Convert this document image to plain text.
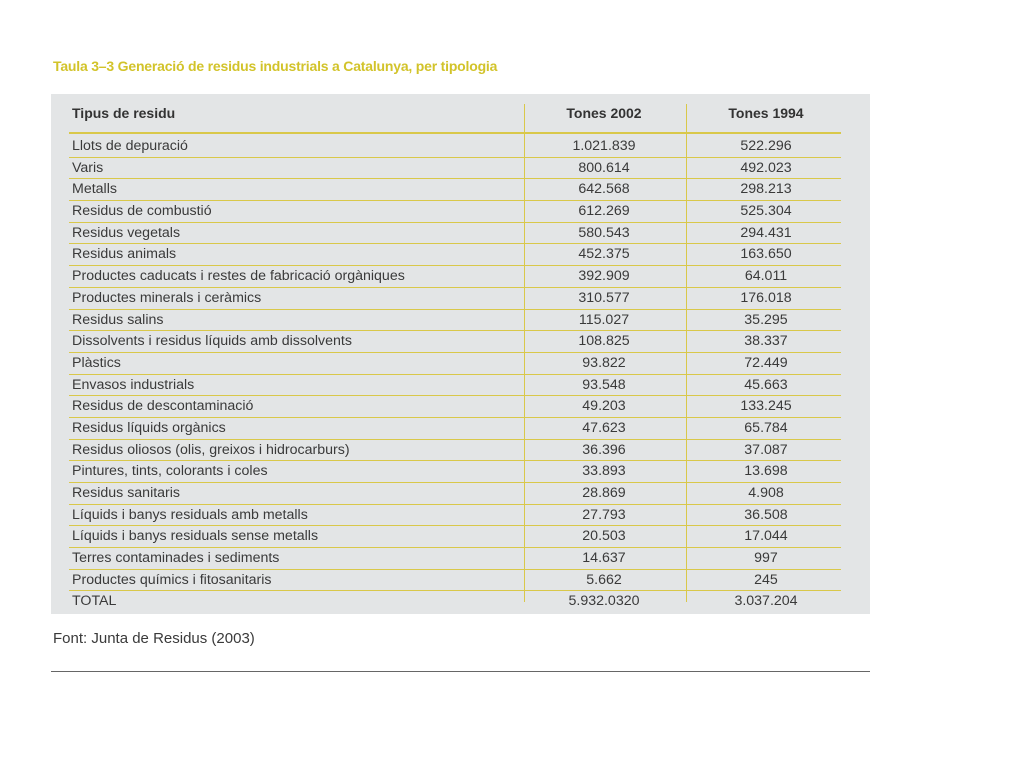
Taula 3–3 Generació de residus industrials a Catalunya, per tipologia
Tipus de residu	Tones 2002	Tones 1994
Llots de depuració	1.021.839	522.296
Varis	800.614	492.023
Metalls	642.568	298.213
Residus de combustió	612.269	525.304
Residus vegetals	580.543	294.431
Residus animals	452.375	163.650
Productes caducats i restes de fabricació orgàniques	392.909	64.011
Productes minerals i ceràmics	310.577	176.018
Residus salins	115.027	35.295
Dissolvents i residus líquids amb dissolvents	108.825	38.337
Plàstics	93.822	72.449
Envasos industrials	93.548	45.663
Residus de descontaminació	49.203	133.245
Residus líquids orgànics	47.623	65.784
Residus oliosos (olis, greixos i hidrocarburs)	36.396	37.087
Pintures, tints, colorants i coles	33.893	13.698
Residus sanitaris	28.869	4.908
Líquids i banys residuals amb metalls	27.793	36.508
Líquids i banys residuals sense metalls	20.503	17.044
Terres contaminades i sediments	14.637	997
Productes químics i fitosanitaris	5.662	245
TOTAL	5.932.0320	3.037.204
Font: Junta de Residus (2003)
